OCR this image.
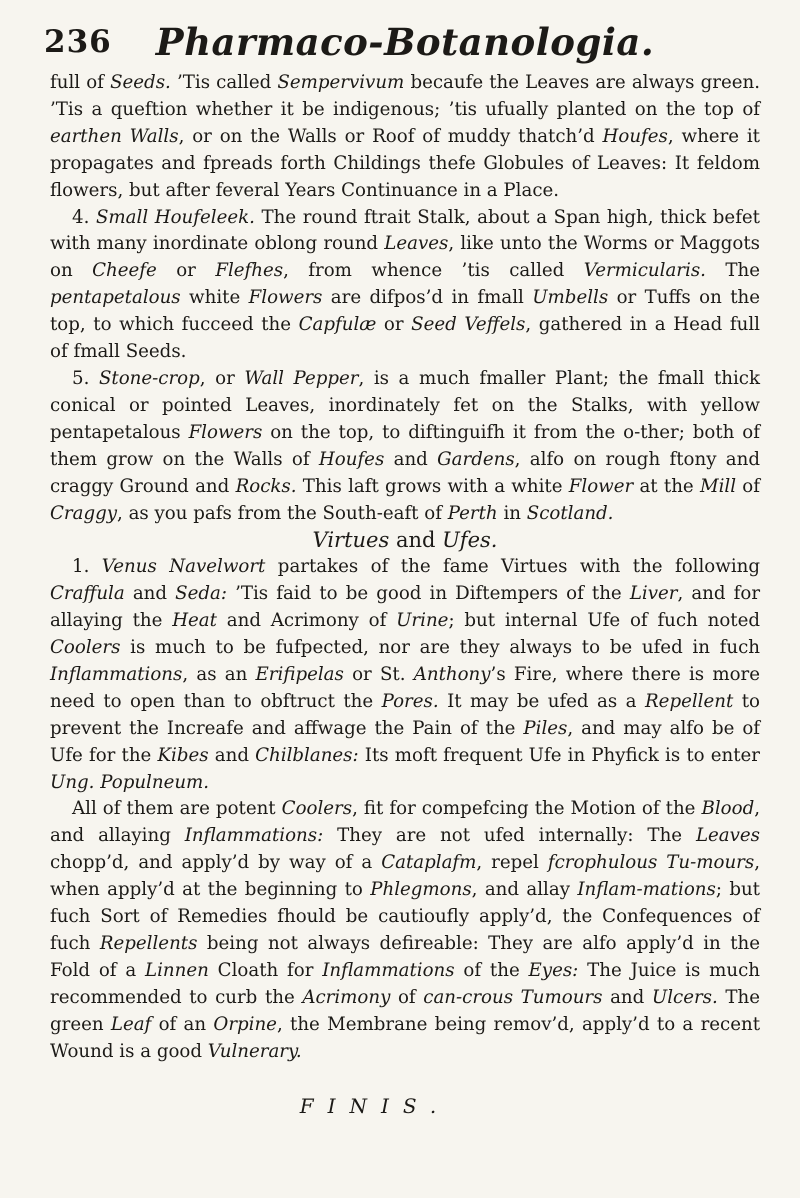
236	Pharmaco-Botanologia.

full of Seeds. ’Tis called Sempervivum becaufe the Leaves are always green. ’Tis a queftion whether it be indigenous; ’tis ufually planted on the top of earthen Walls, or on the Walls or Roof of muddy thatch’d Houfes, where it propagates and fpreads forth Childings thefe Globules of Leaves: It feldom flowers, but after feveral Years Continuance in a Place.

4. Small Houfeleek. The round ftrait Stalk, about a Span high, thick befet with many inordinate oblong round Leaves, like unto the Worms or Maggots on Cheefe or Flefhes, from whence ’tis called Vermicularis. The pentapetalous white Flowers are difpos’d in fmall Umbells or Tuffs on the top, to which fucceed the Capfulæ or Seed Veffels, gathered in a Head full of fmall Seeds.

5. Stone-crop, or Wall Pepper, is a much fmaller Plant; the fmall thick conical or pointed Leaves, inordinately fet on the Stalks, with yellow pentapetalous Flowers on the top, to diftinguifh it from the o-ther; both of them grow on the Walls of Houfes and Gardens, alfo on rough ftony and craggy Ground and Rocks. This laft grows with a white Flower at the Mill of Craggy, as you pafs from the South-eaft of Perth in Scotland.

Virtues and Ufes.

1. Venus Navelwort partakes of the fame Virtues with the following Craffula and Seda: ’Tis faid to be good in Diftempers of the Liver, and for allaying the Heat and Acrimony of Urine; but internal Ufe of fuch noted Coolers is much to be fufpected, nor are they always to be ufed in fuch Inflammations, as an Erifipelas or St. Anthony’s Fire, where there is more need to open than to obftruct the Pores. It may be ufed as a Repellent to prevent the Increafe and affwage the Pain of the Piles, and may alfo be of Ufe for the Kibes and Chilblanes: Its moft frequent Ufe in Phyfick is to enter Ung. Populneum.

All of them are potent Coolers, fit for compefcing the Motion of the Blood, and allaying Inflammations: They are not ufed internally: The Leaves chopp’d, and apply’d by way of a Cataplafm, repel fcrophulous Tu-mours, when apply’d at the beginning to Phlegmons, and allay Inflam-mations; but fuch Sort of Remedies fhould be cautioufly apply’d, the Confequences of fuch Repellents being not always defireable: They are alfo apply’d in the Fold of a Linnen Cloath for Inflammations of the Eyes: The Juice is much recommended to curb the Acrimony of can-crous Tumours and Ulcers. The green Leaf of an Orpine, the Membrane being remov’d, apply’d to a recent Wound is a good Vulnerary.

FINIS.
